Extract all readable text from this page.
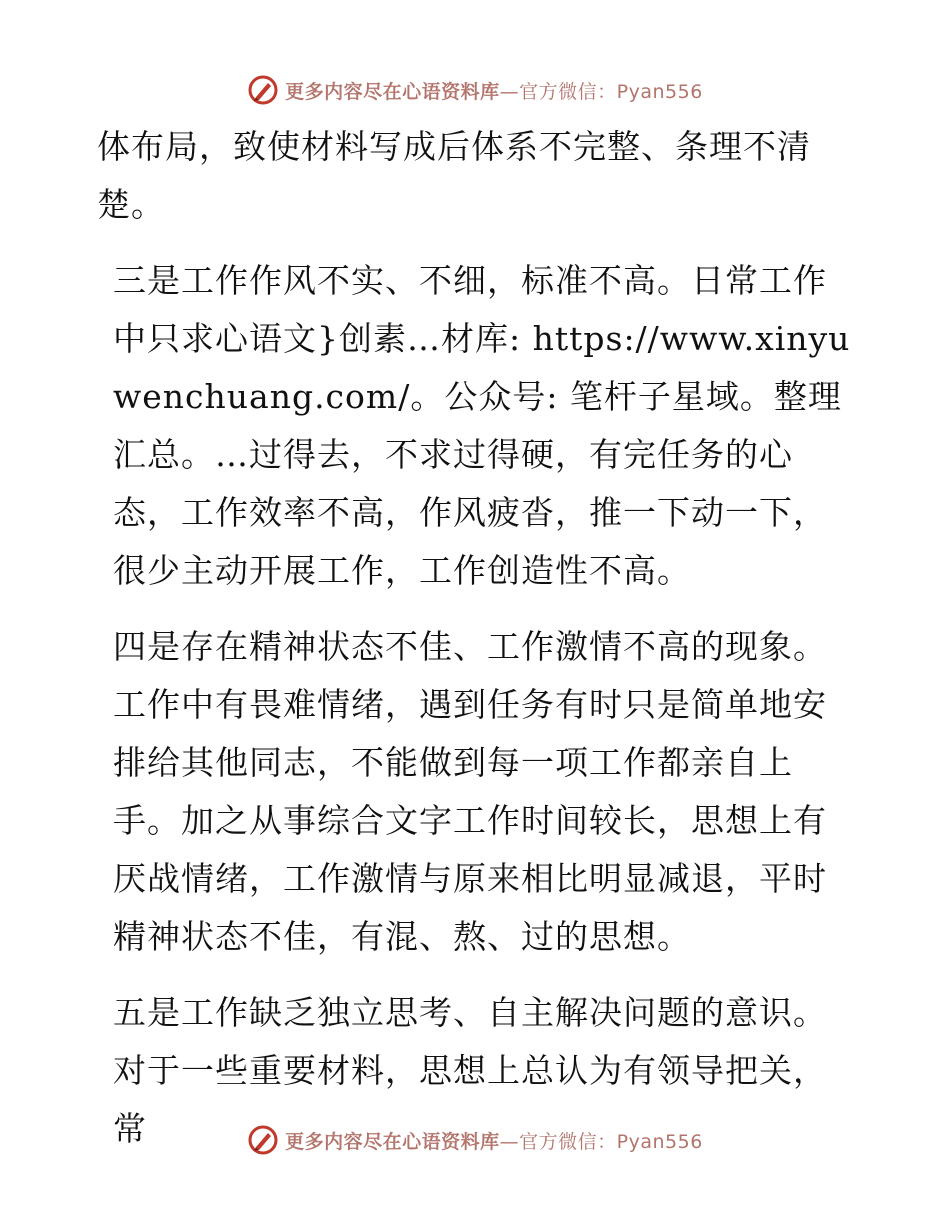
更多内容尽在心语资料库—官方微信：Pyan556

体布局，致使材料写成后体系不完整、条理不清楚。

三是工作作风不实、不细，标准不高。日常工作中只求心语文}创素…材库: https://www.xinyuwenchuang.com/。公众号: 笔杆子星域。整理汇总。…过得去，不求过得硬，有完任务的心态，工作效率不高，作风疲沓，推一下动一下，很少主动开展工作，工作创造性不高。

四是存在精神状态不佳、工作激情不高的现象。工作中有畏难情绪，遇到任务有时只是简单地安排给其他同志，不能做到每一项工作都亲自上手。加之从事综合文字工作时间较长，思想上有厌战情绪，工作激情与原来相比明显减退，平时精神状态不佳，有混、熬、过的思想。

五是工作缺乏独立思考、自主解决问题的意识。对于一些重要材料，思想上总认为有领导把关，常	更多内容尽在心语资料库—官方微信：Pyan556
